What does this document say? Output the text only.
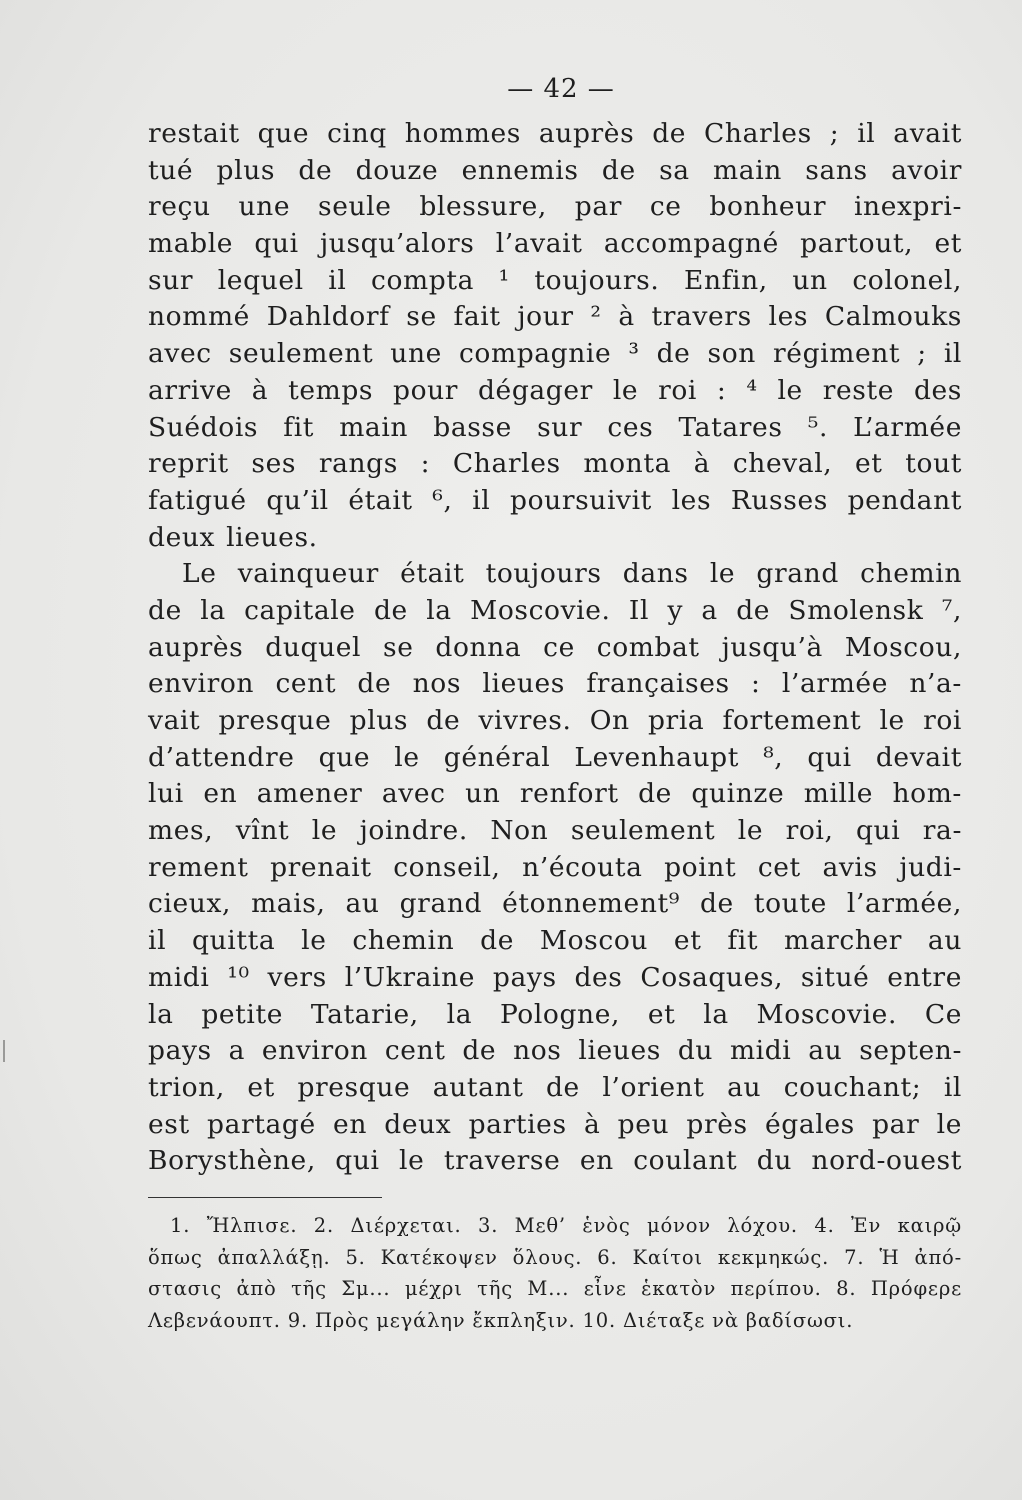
— 42 —
restait que cinq hommes auprès de Charles ; il avait
tué plus de douze ennemis de sa main sans avoir
reçu une seule blessure, par ce bonheur inexpri-
mable qui jusqu’alors l’avait accompagné partout, et
sur lequel il compta ¹ toujours. Enfin, un colonel,
nommé Dahldorf se fait jour ² à travers les Calmouks
avec seulement une compagnie ³ de son régiment ; il
arrive à temps pour dégager le roi : ⁴ le reste des
Suédois fit main basse sur ces Tatares ⁵. L’armée
reprit ses rangs : Charles monta à cheval, et tout
fatigué qu’il était ⁶, il poursuivit les Russes pendant
deux lieues.
Le vainqueur était toujours dans le grand chemin
de la capitale de la Moscovie. Il y a de Smolensk ⁷,
auprès duquel se donna ce combat jusqu’à Moscou,
environ cent de nos lieues françaises : l’armée n’a-
vait presque plus de vivres. On pria fortement le roi
d’attendre que le général Levenhaupt ⁸, qui devait
lui en amener avec un renfort de quinze mille hom-
mes, vînt le joindre. Non seulement le roi, qui ra-
rement prenait conseil, n’écouta point cet avis judi-
cieux, mais, au grand étonnement⁹ de toute l’armée,
il quitta le chemin de Moscou et fit marcher au
midi ¹⁰ vers l’Ukraine pays des Cosaques, situé entre
la petite Tatarie, la Pologne, et la Moscovie. Ce
pays a environ cent de nos lieues du midi au septen-
trion, et presque autant de l’orient au couchant; il
est partagé en deux parties à peu près égales par le
Borysthène, qui le traverse en coulant du nord-ouest
1. Ἤλπισε. 2. Διέρχεται. 3. Μεθ’ ἑνὸς μόνον λόχου. 4. Ἐν καιρῷ
ὅπως ἀπαλλάξῃ. 5. Κατέκοψεν ὅλους. 6. Καίτοι κεκμηκώς. 7. Ἡ ἀπό-
στασις ἀπὸ τῆς Σμ... μέχρι τῆς Μ... εἶνε ἑκατὸν περίπου. 8. Πρόφερε
Λεβενάουπτ. 9. Πρὸς μεγάλην ἔκπληξιν. 10. Διέταξε νὰ βαδίσωσι.
